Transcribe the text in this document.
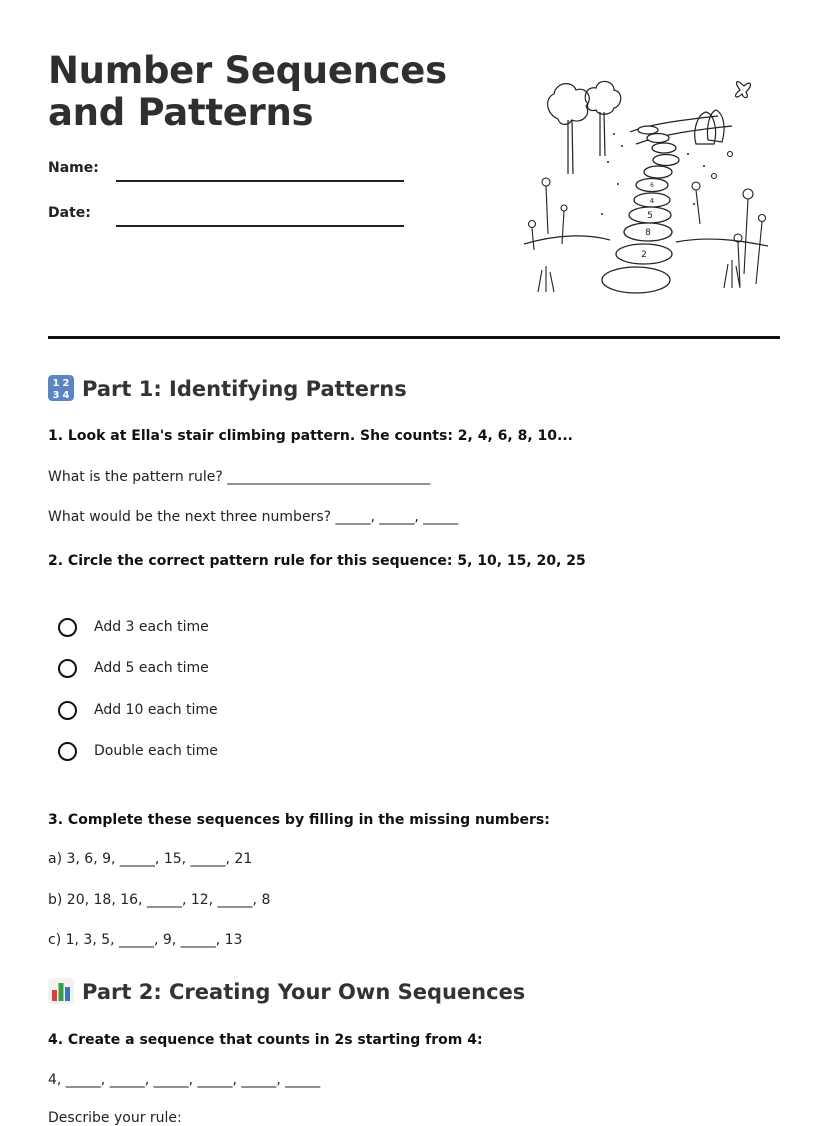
Number Sequences and Patterns
Name:
Date:
2
8
5
4
6
1 2
3 4 Part 1: Identifying Patterns
1. Look at Ella's stair climbing pattern. She counts: 2, 4, 6, 8, 10...
What is the pattern rule? _____________________________
What would be the next three numbers? _____, _____, _____
2. Circle the correct pattern rule for this sequence: 5, 10, 15, 20, 25
Add 3 each time
Add 5 each time
Add 10 each time
Double each time
3. Complete these sequences by filling in the missing numbers:
a) 3, 6, 9, _____, 15, _____, 21
b) 20, 18, 16, _____, 12, _____, 8
c) 1, 3, 5, _____, 9, _____, 13
Part 2: Creating Your Own Sequences
4. Create a sequence that counts in 2s starting from 4:
4, _____, _____, _____, _____, _____, _____
Describe your rule:
